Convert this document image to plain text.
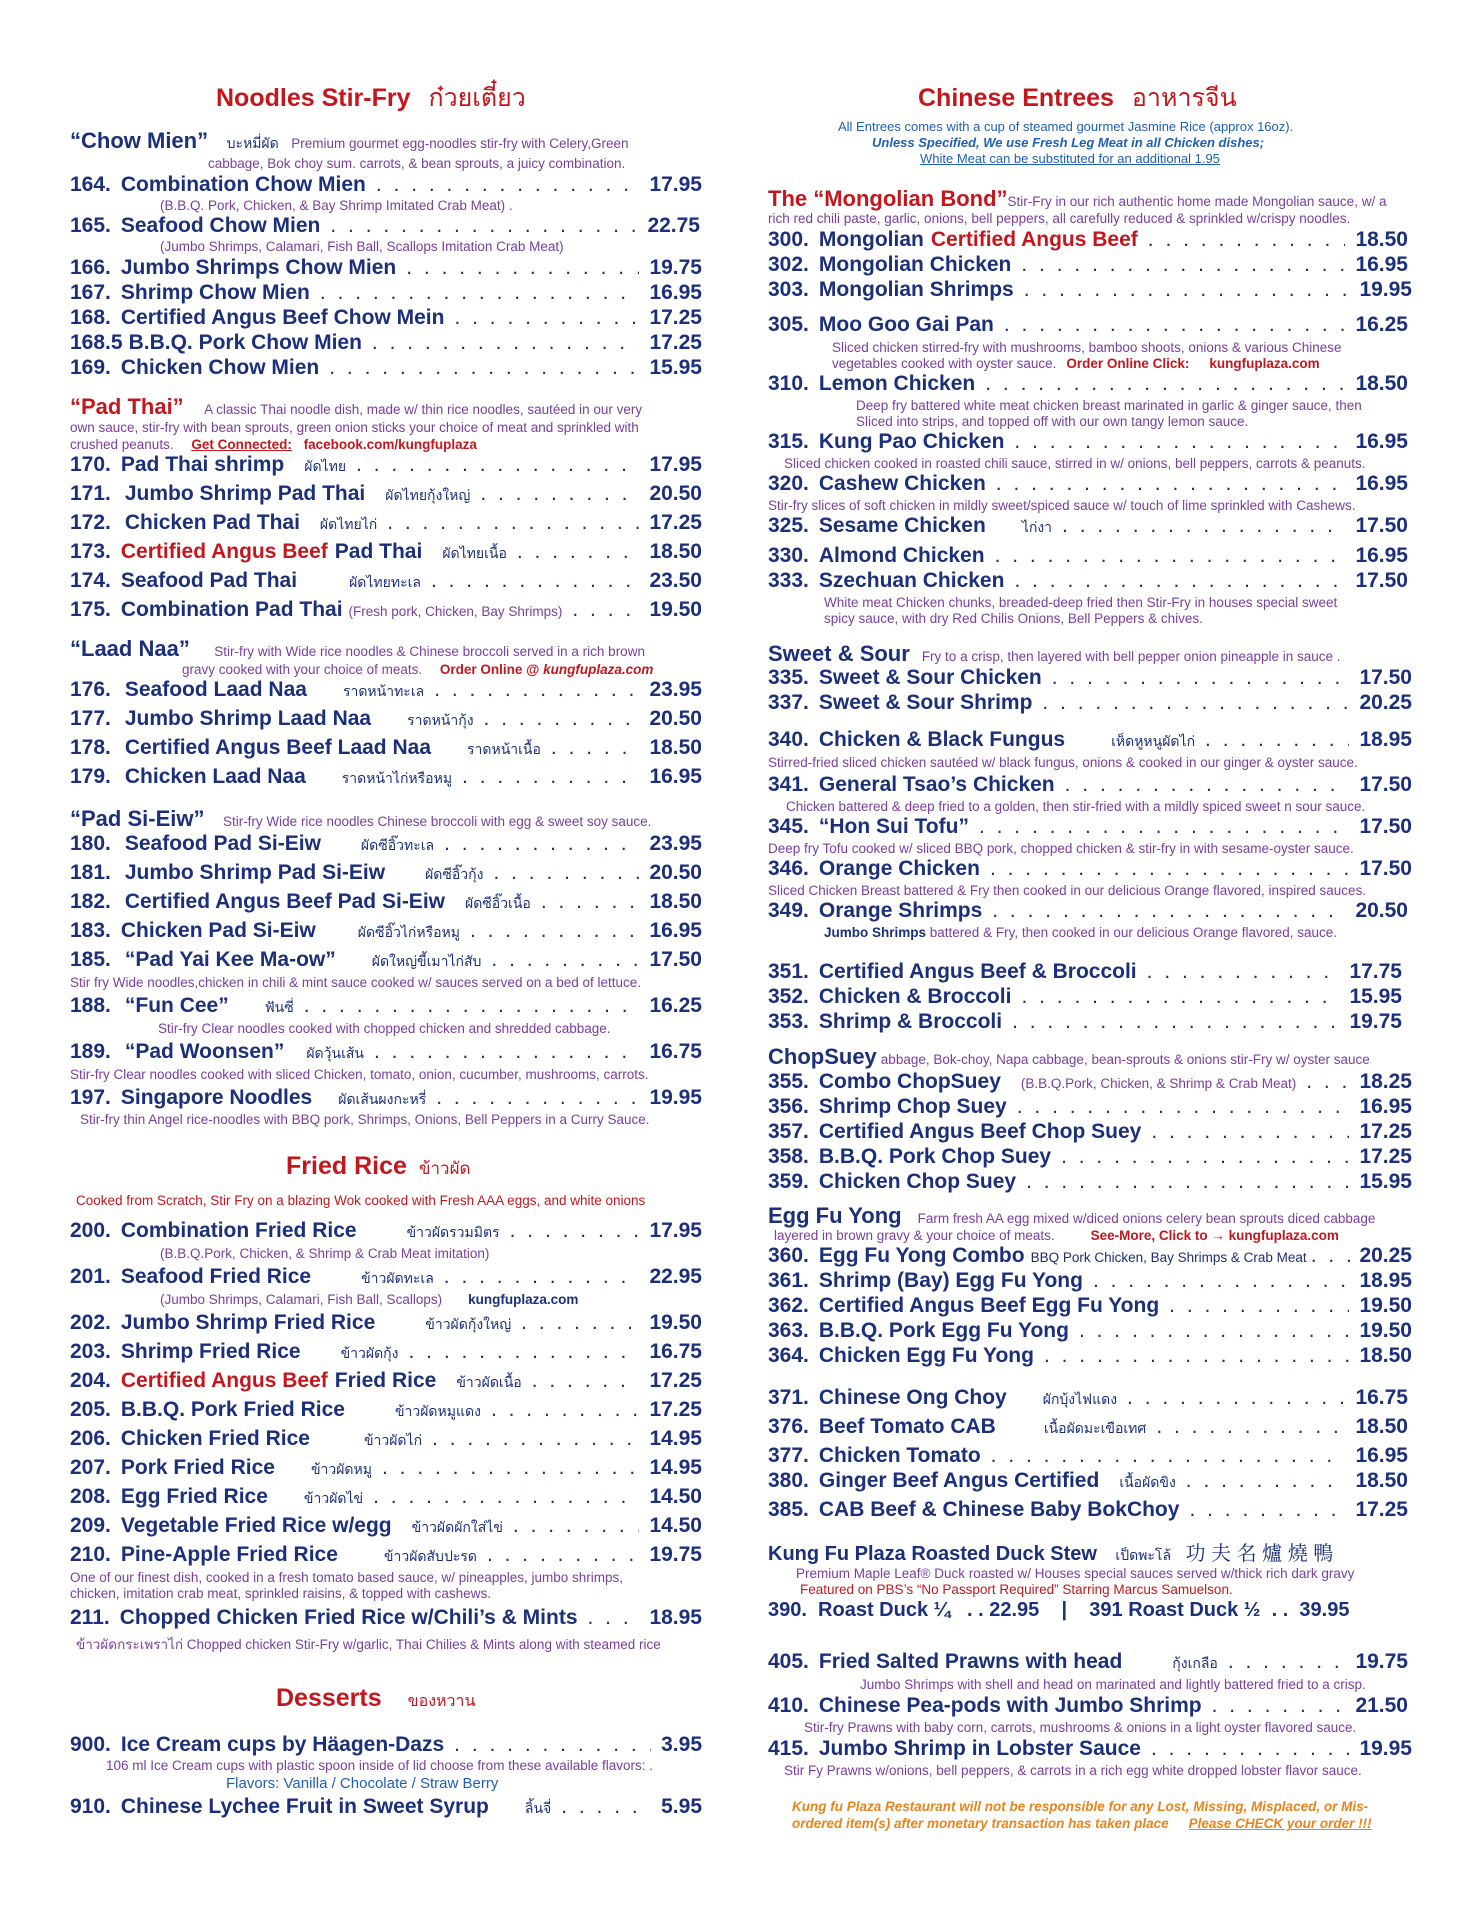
Noodles Stir-Fry ก๋วยเตี๋ยว
“Chow Mien” บะหมี่ผัด Premium gourmet egg-noodles stir-fry with Celery,Green
cabbage, Bok choy sum. carrots, & bean sprouts, a juicy combination.
164. Combination Chow Mien . . .	17.95
(B.B.Q. Pork, Chicken, & Bay Shrimp Imitated Crab Meat) .
165. Seafood Chow Mien . . .	22.75
(Jumbo Shrimps, Calamari, Fish Ball, Scallops Imitation Crab Meat)
166. Jumbo Shrimps Chow Mien . . .	19.75
167. Shrimp Chow Mien . . .	16.95
168. Certified Angus Beef Chow Mein . . .	17.25
168.5 B.B.Q. Pork Chow Mien . . .	17.25
169. Chicken Chow Mien . . .	15.95
“Pad Thai” A classic Thai noodle dish, made w/ thin rice noodles, sautéed in our very
own sauce, stir-fry with bean sprouts, green onion sticks your choice of meat and sprinkled with
crushed peanuts. Get Connected: facebook.com/kungfuplaza
170. Pad Thai shrimp ผัดไทย . . .	17.95
171. Jumbo Shrimp Pad Thai ผัดไทยกุ้งใหญ่ . . .	20.50
172. Chicken Pad Thai ผัดไทยไก่ . . .	17.25
173. Certified Angus Beef Pad Thai ผัดไทยเนื้อ . . .	18.50
174. Seafood Pad Thai	ผัดไทยทะเล . . .	23.50
175. Combination Pad Thai (Fresh pork, Chicken, Bay Shrimps) . . .	19.50
“Laad Naa” Stir-fry with Wide rice noodles & Chinese broccoli served in a rich brown
gravy cooked with your choice of meats. Order Online @ kungfuplaza.com
176. Seafood Laad Naa	ราดหน้าทะเล . . .	23.95
177. Jumbo Shrimp Laad Naa	ราดหน้ากุ้ง . . .	20.50
178. Certified Angus Beef Laad Naa	ราดหน้าเนื้อ . . .	18.50
179. Chicken Laad Naa	ราดหน้าไก่หรือหมู . . .	16.95
“Pad Si-Eiw” Stir-fry Wide rice noodles Chinese broccoli with egg & sweet soy sauce.
180. Seafood Pad Si-Eiw	ผัดซีอิ๊วทะเล . . .	23.95
181. Jumbo Shrimp Pad Si-Eiw	ผัดซีอิ๊วกุ้ง . . .	20.50
182. Certified Angus Beef Pad Si-Eiw ผัดซีอิ๊วเนื้อ . . .	18.50
183. Chicken Pad Si-Eiw	ผัดซีอิ๊วไก่หรือหมู . . .	16.95
185. “Pad Yai Kee Ma-ow”	ผัดใหญ่ขี้เมาไก่สับ . . .	17.50
Stir fry Wide noodles,chicken in chili & mint sauce cooked w/ sauces served on a bed of lettuce.
188. “Fun Cee”	ฟันซี่ . . .	16.25
Stir-fry Clear noodles cooked with chopped chicken and shredded cabbage.
189. “Pad Woonsen” ผัดวุ้นเส้น . . .	16.75
Stir-fry Clear noodles cooked with sliced Chicken, tomato, onion, cucumber, mushrooms, carrots.
197. Singapore Noodles ผัดเส้นผงกะหรี่ . . .	19.95
Stir-fry thin Angel rice-noodles with BBQ pork, Shrimps, Onions, Bell Peppers in a Curry Sauce.
Fried Rice ข้าวผัด
Cooked from Scratch, Stir Fry on a blazing Wok cooked with Fresh AAA eggs, and white onions
200. Combination Fried Rice	ข้าวผัดรวมมิตร . . .	17.95
(B.B.Q.Pork, Chicken, & Shrimp & Crab Meat imitation)
201. Seafood Fried Rice	ข้าวผัดทะเล . . .	22.95
(Jumbo Shrimps, Calamari, Fish Ball, Scallops) kungfuplaza.com
202. Jumbo Shrimp Fried Rice	ข้าวผัดกุ้งใหญ่ . . .	19.50
203. Shrimp Fried Rice	ข้าวผัดกุ้ง . . .	16.75
204. Certified Angus Beef Fried Rice ข้าวผัดเนื้อ . . .	17.25
205. B.B.Q. Pork Fried Rice	ข้าวผัดหมูแดง . . .	17.25
206. Chicken Fried Rice	ข้าวผัดไก่ . . .	14.95
207. Pork Fried Rice	ข้าวผัดหมู . . .	14.95
208. Egg Fried Rice	ข้าวผัดไข่ . . .	14.50
209. Vegetable Fried Rice w/egg ข้าวผัดผักใส่ไข่ . . .	14.50
210. Pine-Apple Fried Rice	ข้าวผัดสับปะรด . . .	19.75
One of our finest dish, cooked in a fresh tomato based sauce, w/ pineapples, jumbo shrimps,
chicken, imitation crab meat, sprinkled raisins, & topped with cashews.
211. Chopped Chicken Fried Rice w/Chili’s & Mints . . .	18.95
ข้าวผัดกระเพราไก่ Chopped chicken Stir-Fry w/garlic, Thai Chilies & Mints along with steamed rice
Desserts ของหวาน
900. Ice Cream cups by Häagen-Dazs . . .	3.95
106 ml Ice Cream cups with plastic spoon inside of lid choose from these available flavors: .
Flavors: Vanilla / Chocolate / Straw Berry
910. Chinese Lychee Fruit in Sweet Syrup	ลิ้นจี่ . . .	5.95
Chinese Entrees อาหารจีน
All Entrees comes with a cup of steamed gourmet Jasmine Rice (approx 16oz).
Unless Specified, We use Fresh Leg Meat in all Chicken dishes;
White Meat can be substituted for an additional 1.95
The “Mongolian Bond”Stir-Fry in our rich authentic home made Mongolian sauce, w/ a
rich red chili paste, garlic, onions, bell peppers, all carefully reduced & sprinkled w/crispy noodles.
300. Mongolian Certified Angus Beef . . .	18.50
302. Mongolian Chicken . . .	16.95
303. Mongolian Shrimps . . .	19.95
305. Moo Goo Gai Pan . . .	16.25
Sliced chicken stirred-fry with mushrooms, bamboo shoots, onions & various Chinese
vegetables cooked with oyster sauce. Order Online Click: kungfuplaza.com
310. Lemon Chicken . . .	18.50
Deep fry battered white meat chicken breast marinated in garlic & ginger sauce, then
Sliced into strips, and topped off with our own tangy lemon sauce.
315. Kung Pao Chicken . . .	16.95
Sliced chicken cooked in roasted chili sauce, stirred in w/ onions, bell peppers, carrots & peanuts.
320. Cashew Chicken . . .	16.95
Stir-fry slices of soft chicken in mildly sweet/spiced sauce w/ touch of lime sprinkled with Cashews.
325. Sesame Chicken	ไก่งา . . .	17.50
330. Almond Chicken . . .	16.95
333. Szechuan Chicken . . .	17.50
White meat Chicken chunks, breaded-deep fried then Stir-Fry in houses special sweet
spicy sauce, with dry Red Chilis Onions, Bell Peppers & chives.
Sweet & Sour Fry to a crisp, then layered with bell pepper onion pineapple in sauce .
335. Sweet & Sour Chicken . . .	17.50
337. Sweet & Sour Shrimp . . .	20.25
340. Chicken & Black Fungus	เห็ดหูหนูผัดไก่ . . .	18.95
Stirred-fried sliced chicken sautéed w/ black fungus, onions & cooked in our ginger & oyster sauce.
341. General Tsao’s Chicken . . .	17.50
Chicken battered & deep fried to a golden, then stir-fried with a mildly spiced sweet n sour sauce.
345. “Hon Sui Tofu” . . .	17.50
Deep fry Tofu cooked w/ sliced BBQ pork, chopped chicken & stir-fry in with sesame-oyster sauce.
346. Orange Chicken . . .	17.50
Sliced Chicken Breast battered & Fry then cooked in our delicious Orange flavored, inspired sauces.
349. Orange Shrimps . . .	20.50
Jumbo Shrimps battered & Fry, then cooked in our delicious Orange flavored, sauce.
351. Certified Angus Beef & Broccoli . . .	17.75
352. Chicken & Broccoli . . .	15.95
353. Shrimp & Broccoli . . .	19.75
ChopSuey abbage, Bok-choy, Napa cabbage, bean-sprouts & onions stir-Fry w/ oyster sauce
355. Combo ChopSuey (B.B.Q.Pork, Chicken, & Shrimp & Crab Meat) . . .	18.25
356. Shrimp Chop Suey . . .	16.95
357. Certified Angus Beef Chop Suey . . .	17.25
358. B.B.Q. Pork Chop Suey . . .	17.25
359. Chicken Chop Suey . . .	15.95
Egg Fu Yong Farm fresh AA egg mixed w/diced onions celery bean sprouts diced cabbage
layered in brown gravy & your choice of meats.	See-More, Click to → kungfuplaza.com
360. Egg Fu Yong Combo BBQ Pork Chicken, Bay Shrimps & Crab Meat . . .	20.25
361. Shrimp (Bay) Egg Fu Yong . . .	18.95
362. Certified Angus Beef Egg Fu Yong . . .	19.50
363. B.B.Q. Pork Egg Fu Yong . . .	19.50
364. Chicken Egg Fu Yong . . .	18.50
371. Chinese Ong Choy	ผักบุ้งไฟแดง . . .	16.75
376. Beef Tomato CAB	เนื้อผัดมะเขือเทศ . . .	18.50
377. Chicken Tomato . . .	16.95
380. Ginger Beef Angus Certified เนื้อผัดขิง . . .	18.50
385. CAB Beef & Chinese Baby BokChoy . . .	17.25
Kung Fu Plaza Roasted Duck Stew เป็ดพะโล้ 功 夫 名 爐 燒 鴨
Premium Maple Leaf® Duck roasted w/ Houses special sauces served w/thick rich dark gravy
Featured on PBS’s “No Passport Required” Starring Marcus Samuelson.
390.  Roast Duck ¼   . . 22.95    |    391 Roast Duck ½  . .  39.95
405. Fried Salted Prawns with head	กุ้งเกลือ . . .	19.75
Jumbo Shrimps with shell and head on marinated and lightly battered fried to a crisp.
410. Chinese Pea-pods with Jumbo Shrimp . . .	21.50
Stir-fry Prawns with baby corn, carrots, mushrooms & onions in a light oyster flavored sauce.
415. Jumbo Shrimp in Lobster Sauce . . .	19.95
Stir Fy Prawns w/onions, bell peppers, & carrots in a rich egg white dropped lobster flavor sauce.
Kung fu Plaza Restaurant will not be responsible for any Lost, Missing, Misplaced, or Mis-
ordered item(s) after monetary transaction has taken place Please CHECK your order !!!
